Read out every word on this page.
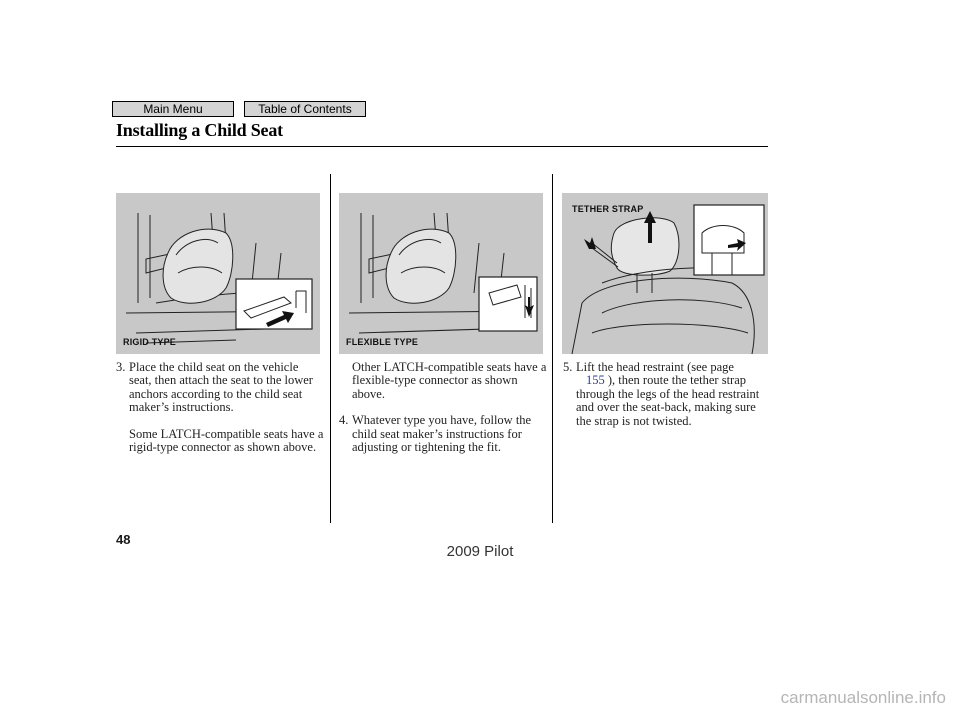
Main Menu	Table of Contents
Installing a Child Seat
RIGID TYPE	FLEXIBLE TYPE
TETHER STRAP
3. Place the child seat on the vehicle seat, then attach the seat to the lower anchors according to the child seat maker’s instructions.
Some LATCH-compatible seats have a rigid-type connector as shown above.
Other LATCH-compatible seats have a flexible-type connector as shown above.
4. Whatever type you have, follow the child seat maker’s instructions for adjusting or tightening the fit.
5. Lift the head restraint (see page
155 ), then route the tether strap through the legs of the head restraint and over the seat-back, making sure the strap is not twisted.
48
2009 Pilot
carmanualsonline.info
